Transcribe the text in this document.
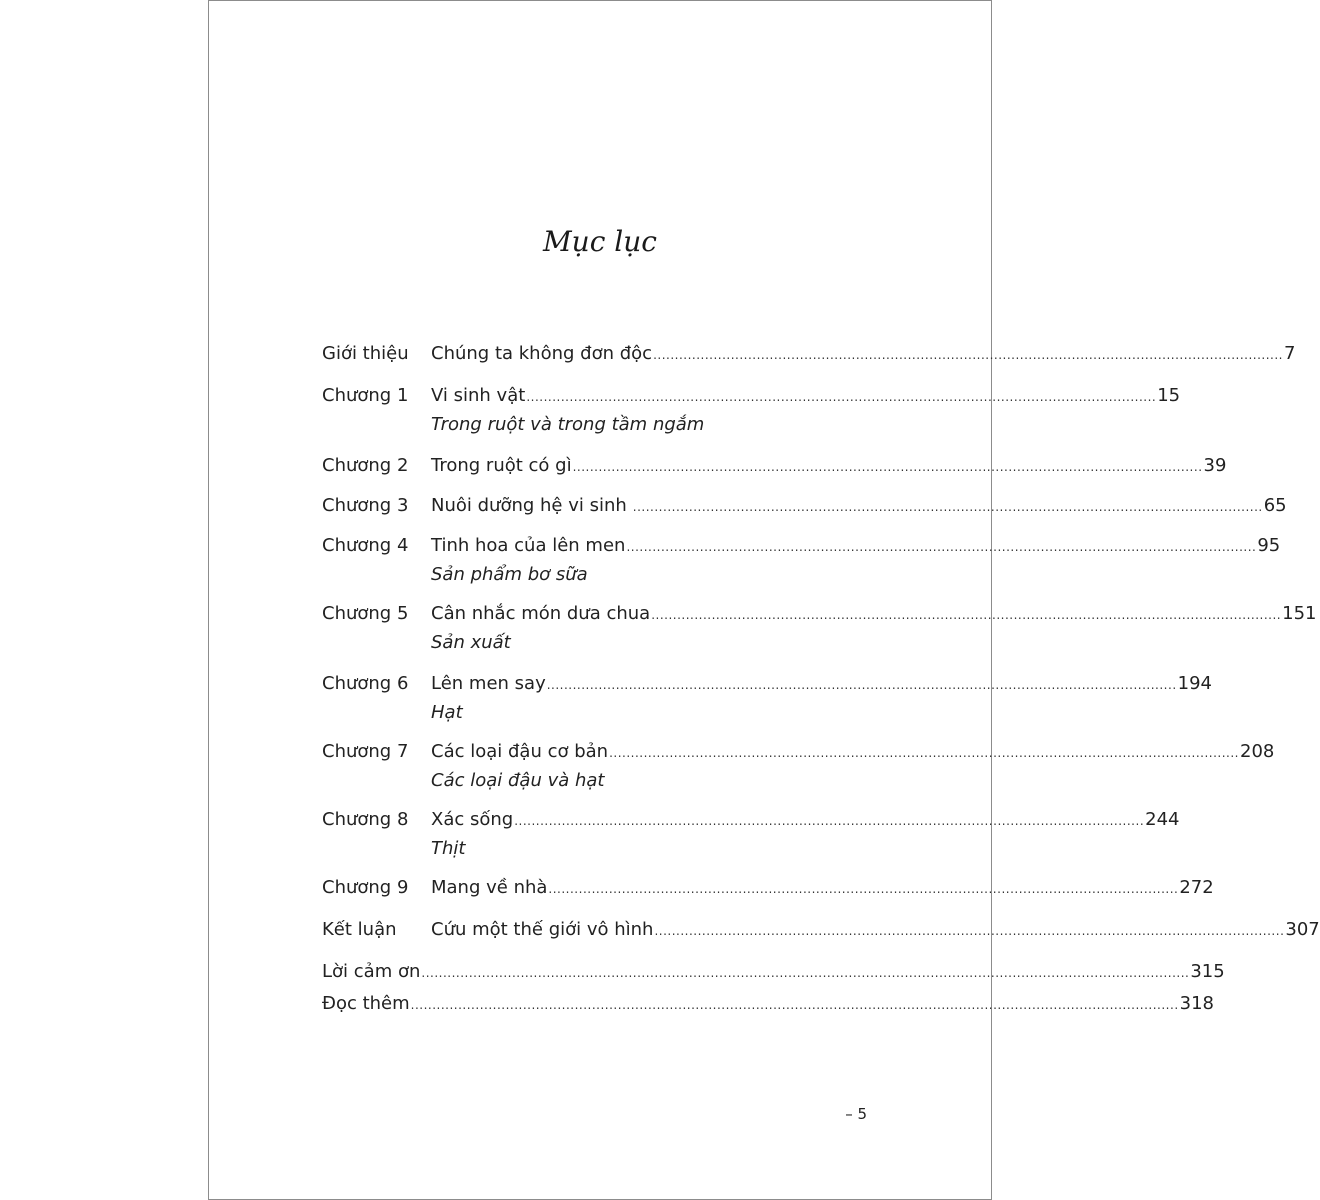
Mục lục
Giới thiệu	Chúng ta không đơn độc .................................................................................................................................................. 7
Chương 1	Vi sinh vật .................................................................................................................................................. 15
Trong ruột và trong tầm ngắm
Chương 2	Trong ruột có gì .................................................................................................................................................. 39
Chương 3	Nuôi dưỡng hệ vi sinh .................................................................................................................................................. 65
Chương 4	Tinh hoa của lên men .................................................................................................................................................. 95
Sản phẩm bơ sữa
Chương 5	Cân nhắc món dưa chua .................................................................................................................................................. 151
Sản xuất
Chương 6	Lên men say .................................................................................................................................................. 194
Hạt
Chương 7	Các loại đậu cơ bản .................................................................................................................................................. 208
Các loại đậu và hạt
Chương 8	Xác sống .................................................................................................................................................. 244
Thịt
Chương 9	Mang về nhà .................................................................................................................................................. 272
Kết luận	Cứu một thế giới vô hình .................................................................................................................................................. 307
Lời cảm ơn .................................................................................................................................................................................. 315
Đọc thêm .................................................................................................................................................................................. 318
– 5
